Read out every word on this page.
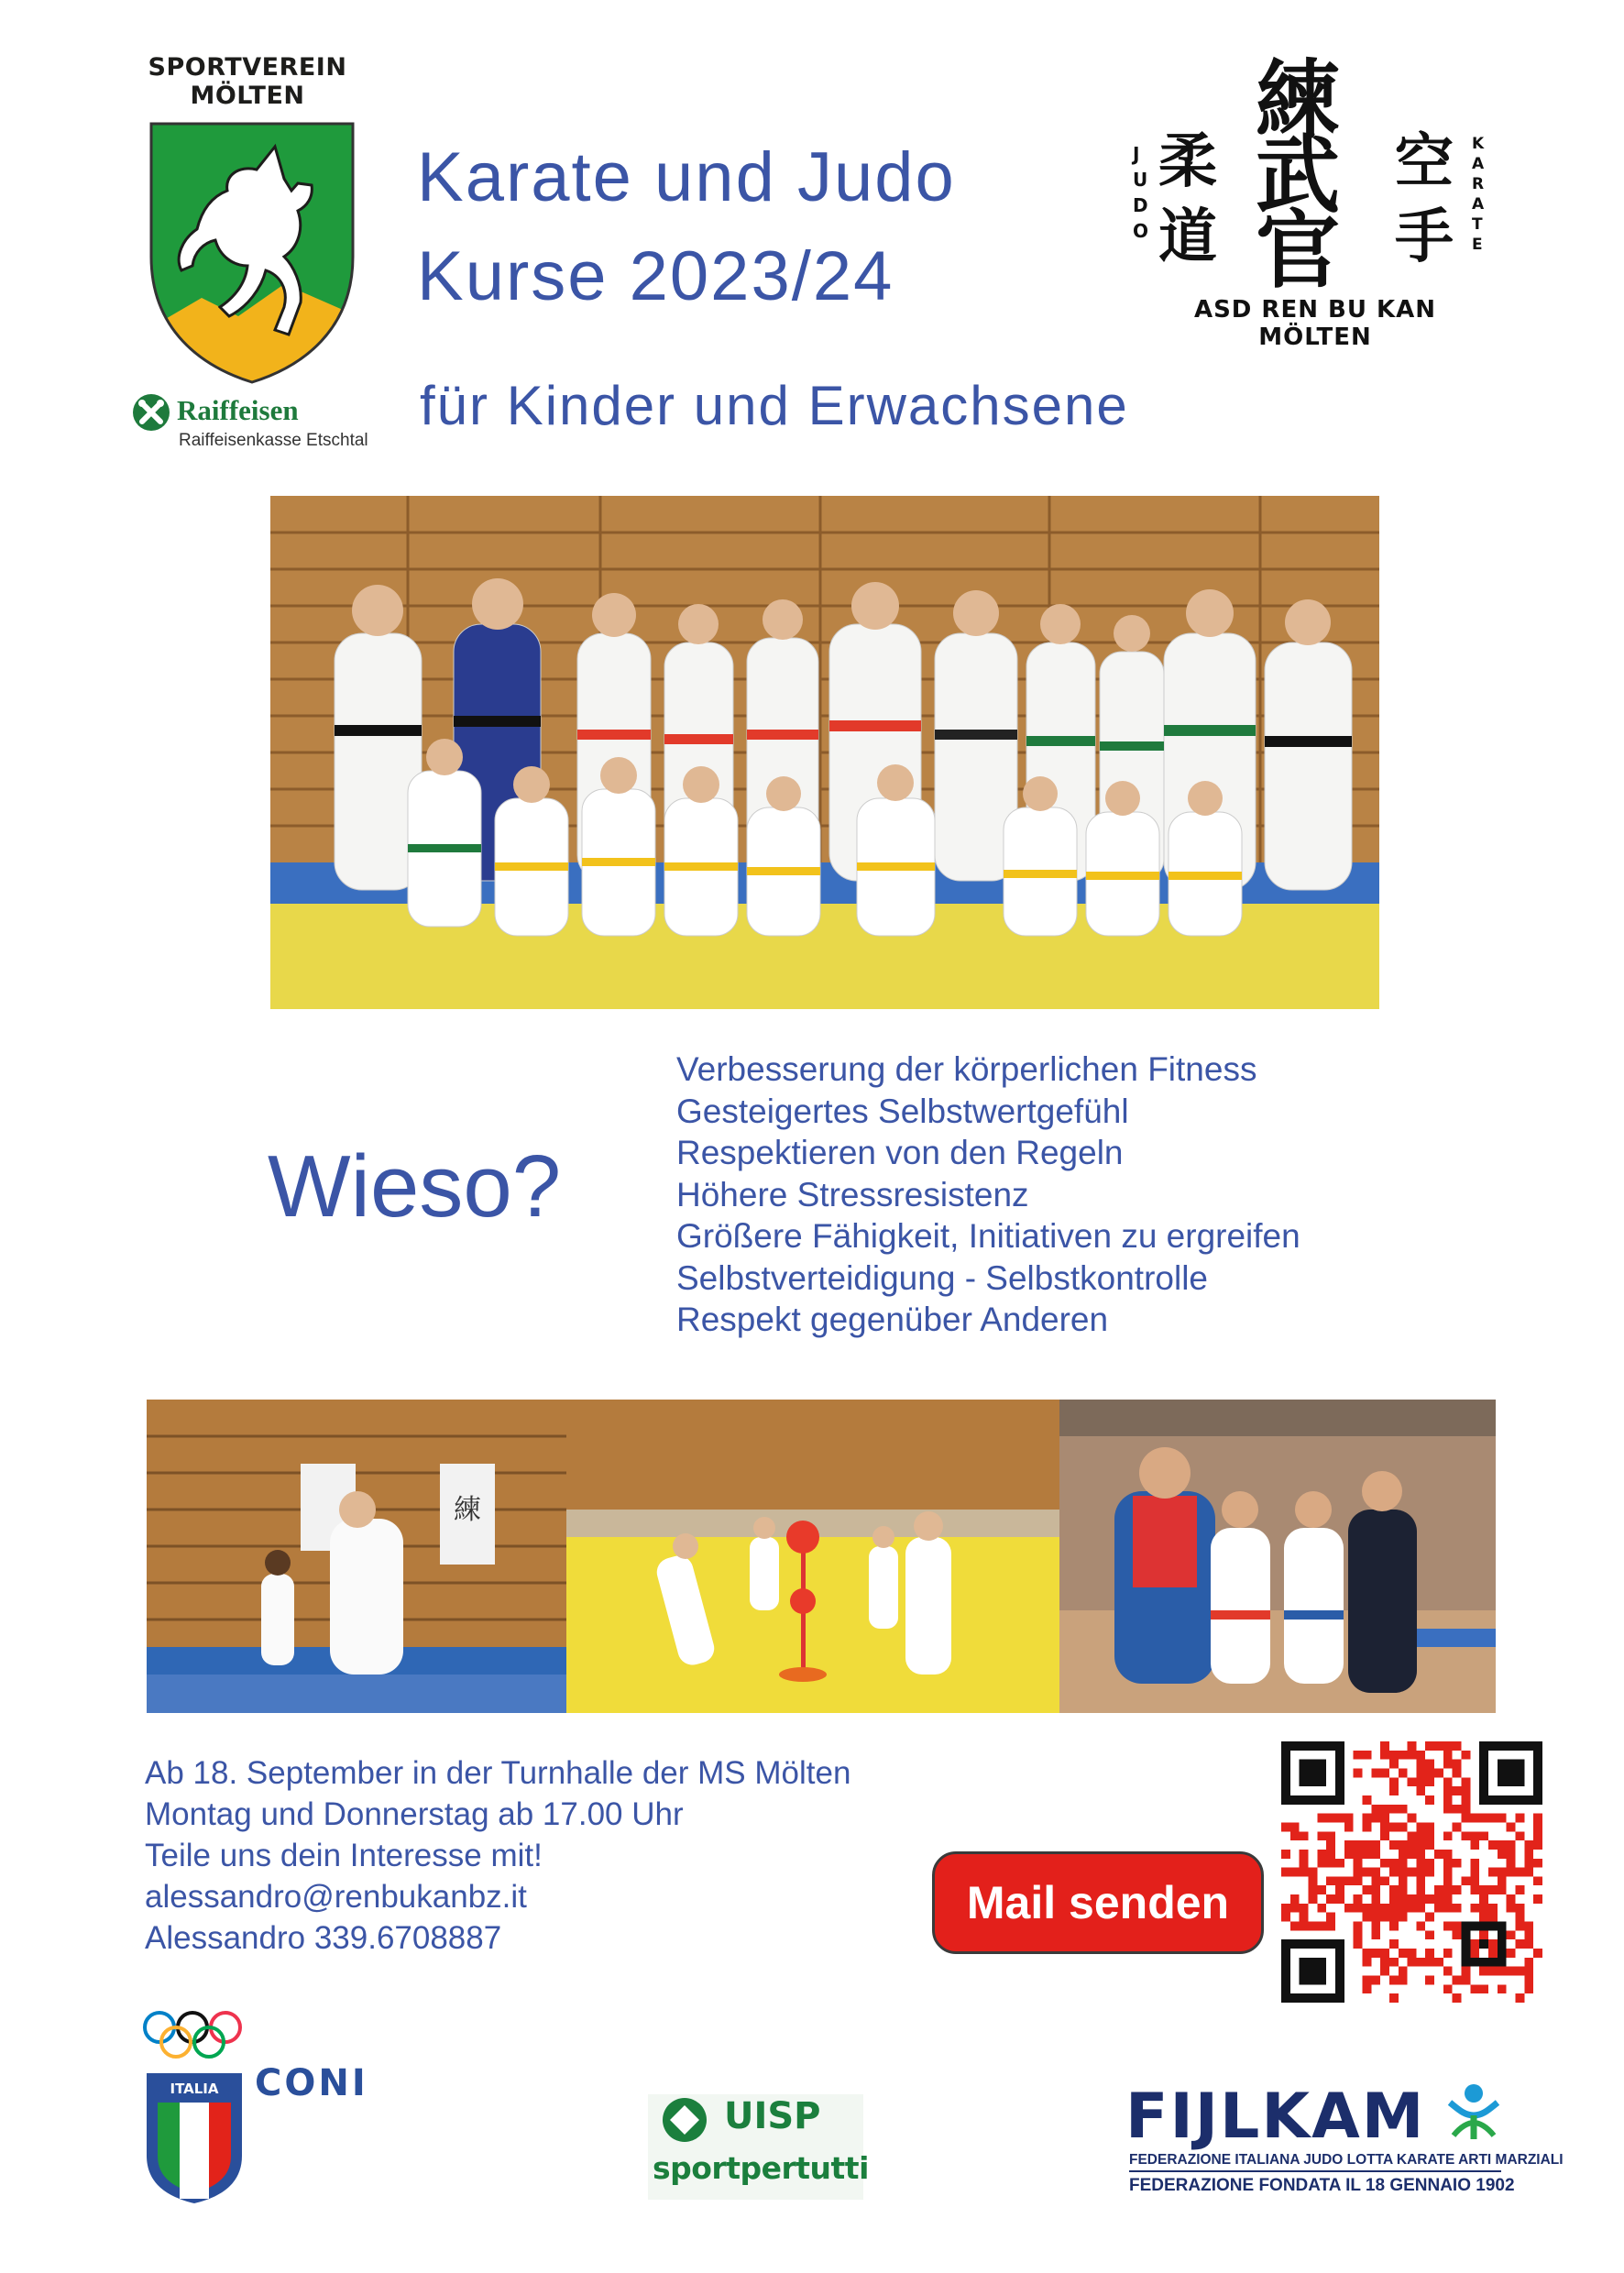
SPORTVEREIN
MÖLTEN
Raiffeisen
Raiffeisenkasse Etschtal
Karate und Judo
Kurse 2023/24
für Kinder und Erwachsene
JUDO
柔道
練武官
空手
KARATE
ASD REN BU KAN MÖLTEN
Wieso?
Verbesserung der körperlichen Fitness
Gesteigertes Selbstwertgefühl
Respektieren von den Regeln
Höhere Stressresistenz
Größere Fähigkeit, Initiativen zu ergreifen
Selbstverteidigung - Selbstkontrolle
Respekt gegenüber Anderen
練
Ab 18. September in der Turnhalle der MS Mölten
Montag und Donnerstag ab 17.00 Uhr
Teile uns dein Interesse mit!
alessandro@renbukanbz.it
Alessandro 339.6708887
Mail senden
ITALIA CONI
UISP
sportpertutti
FIJLKAM
FEDERAZIONE ITALIANA JUDO LOTTA KARATE ARTI MARZIALI
FEDERAZIONE FONDATA IL 18 GENNAIO 1902
